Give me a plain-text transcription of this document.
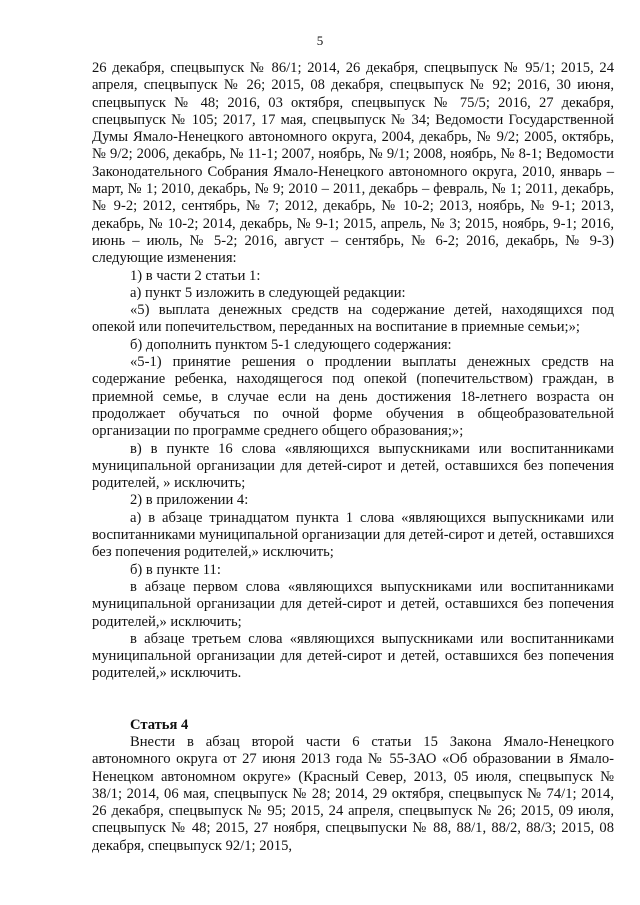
5

26 декабря, спецвыпуск № 86/1; 2014, 26 декабря, спецвыпуск № 95/1; 2015, 24 апреля, спецвыпуск № 26; 2015, 08 декабря, спецвыпуск № 92; 2016, 30 июня, спецвыпуск № 48; 2016, 03 октября, спецвыпуск № 75/5; 2016, 27 декабря, спецвыпуск № 105; 2017, 17 мая, спецвыпуск № 34; Ведомости Государственной Думы Ямало-Ненецкого автономного округа, 2004, декабрь, № 9/2; 2005, октябрь, № 9/2; 2006, декабрь, № 11-1; 2007, ноябрь, № 9/1; 2008, ноябрь, № 8-1; Ведомости Законодательного Собрания Ямало-Ненецкого автономного округа, 2010, январь – март, № 1; 2010, декабрь, № 9; 2010 – 2011, декабрь – февраль, № 1; 2011, декабрь, № 9-2; 2012, сентябрь, № 7; 2012, декабрь, № 10-2; 2013, ноябрь, № 9-1; 2013, декабрь, № 10-2; 2014, декабрь, № 9-1; 2015, апрель, № 3; 2015, ноябрь, 9-1; 2016, июнь – июль, № 5-2; 2016, август – сентябрь, № 6-2; 2016, декабрь, № 9-3) следующие изменения:

1) в части 2 статьи 1:

а) пункт 5 изложить в следующей редакции:

«5) выплата денежных средств на содержание детей, находящихся под опекой или попечительством, переданных на воспитание в приемные семьи;»;

б) дополнить пунктом 5-1 следующего содержания:

«5-1) принятие решения о продлении выплаты денежных средств на содержание ребенка, находящегося под опекой (попечительством) граждан, в приемной семье, в случае если на день достижения 18-летнего возраста он продолжает обучаться по очной форме обучения в общеобразовательной организации по программе среднего общего образования;»;

в) в пункте 16 слова «являющихся выпускниками или воспитанниками муниципальной организации для детей-сирот и детей, оставшихся без попечения родителей, » исключить;

2) в приложении 4:

а) в абзаце тринадцатом пункта 1 слова «являющихся выпускниками или воспитанниками муниципальной организации для детей-сирот и детей, оставшихся без попечения родителей,» исключить;

б) в пункте 11:

в абзаце первом слова «являющихся выпускниками или воспитанниками муниципальной организации для детей-сирот и детей, оставшихся без попечения родителей,» исключить;

в абзаце третьем слова «являющихся выпускниками или воспитанниками муниципальной организации для детей-сирот и детей, оставшихся без попечения родителей,» исключить.

Статья 4

Внести в абзац второй части 6 статьи 15 Закона Ямало-Ненецкого автономного округа от 27 июня 2013 года № 55-ЗАО «Об образовании в Ямало-Ненецком автономном округе» (Красный Север, 2013, 05 июля, спецвыпуск № 38/1; 2014, 06 мая, спецвыпуск № 28; 2014, 29 октября, спецвыпуск № 74/1; 2014, 26 декабря, спецвыпуск № 95; 2015, 24 апреля, спецвыпуск № 26; 2015, 09 июля, спецвыпуск № 48; 2015, 27 ноября, спецвыпуски № 88, 88/1, 88/2, 88/3; 2015, 08 декабря, спецвыпуск 92/1; 2015,
